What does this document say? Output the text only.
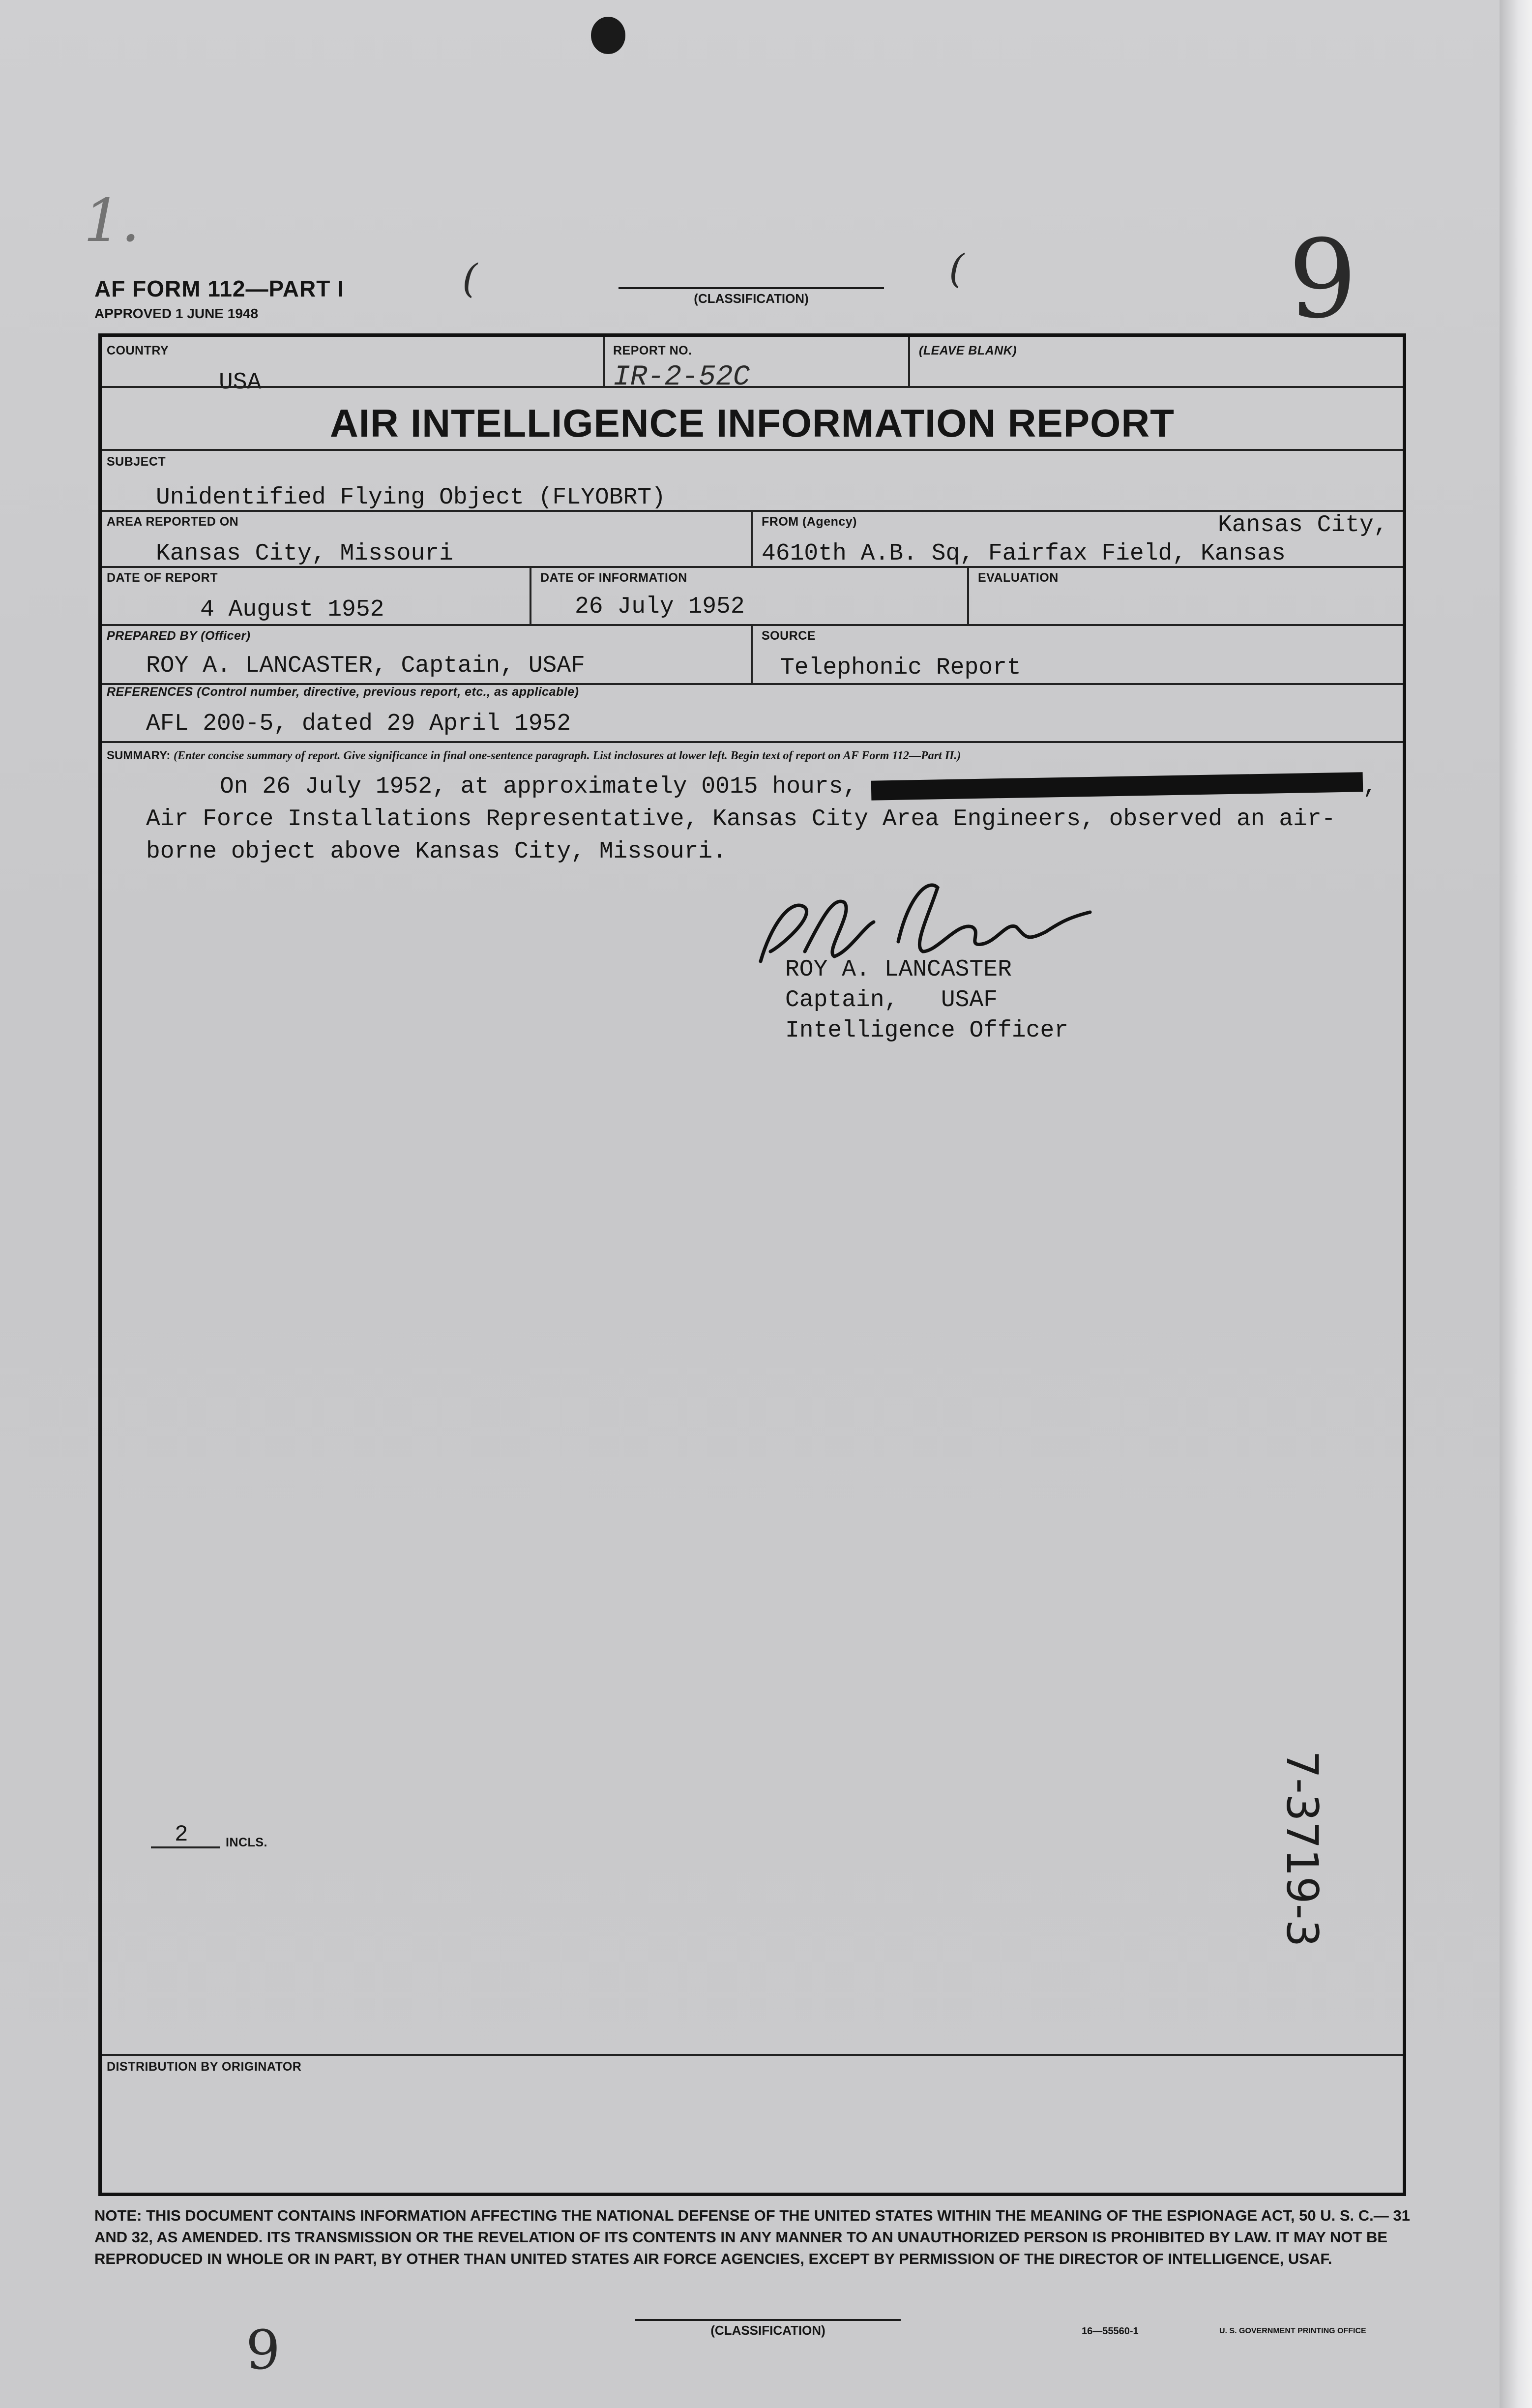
1.
(	(	9
AF FORM 112—PART I
APPROVED 1 JUNE 1948
(CLASSIFICATION)
COUNTRY
USA
REPORT NO.
IR-2-52C
(LEAVE BLANK)
AIR INTELLIGENCE INFORMATION REPORT
SUBJECT
Unidentified Flying Object (FLYOBRT)
AREA REPORTED ON
Kansas City, Missouri
FROM (Agency)	Kansas City,
4610th A.B. Sq, Fairfax Field, Kansas
DATE OF REPORT
4 August 1952
DATE OF INFORMATION
26 July 1952
EVALUATION
PREPARED BY (Officer)
ROY A. LANCASTER, Captain, USAF
SOURCE
Telephonic Report
REFERENCES (Control number, directive, previous report, etc., as applicable)
AFL 200-5, dated 29 April 1952
SUMMARY: (Enter concise summary of report. Give significance in final one-sentence paragraph. List inclosures at lower left. Begin text of report on AF Form 112—Part II.)
On 26 July 1952, at approximately 0015 hours,	,
Air Force Installations Representative, Kansas City Area Engineers, observed an air-
borne object above Kansas City, Missouri.
ROY A. LANCASTER
Captain,   USAF
Intelligence Officer
2	INCLS.
DISTRIBUTION BY ORIGINATOR
7-3719-3
NOTE: THIS DOCUMENT CONTAINS INFORMATION AFFECTING THE NATIONAL DEFENSE OF THE UNITED STATES WITHIN THE MEANING OF THE ESPIONAGE ACT, 50 U. S. C.— 31 AND 32, AS AMENDED. ITS TRANSMISSION OR THE REVELATION OF ITS CONTENTS IN ANY MANNER TO AN UNAUTHORIZED PERSON IS PROHIBITED BY LAW. IT MAY NOT BE REPRODUCED IN WHOLE OR IN PART, BY OTHER THAN UNITED STATES AIR FORCE AGENCIES, EXCEPT BY PERMISSION OF THE DIRECTOR OF INTELLIGENCE, USAF.
9	(CLASSIFICATION)	16—55560-1	U. S. GOVERNMENT PRINTING OFFICE
